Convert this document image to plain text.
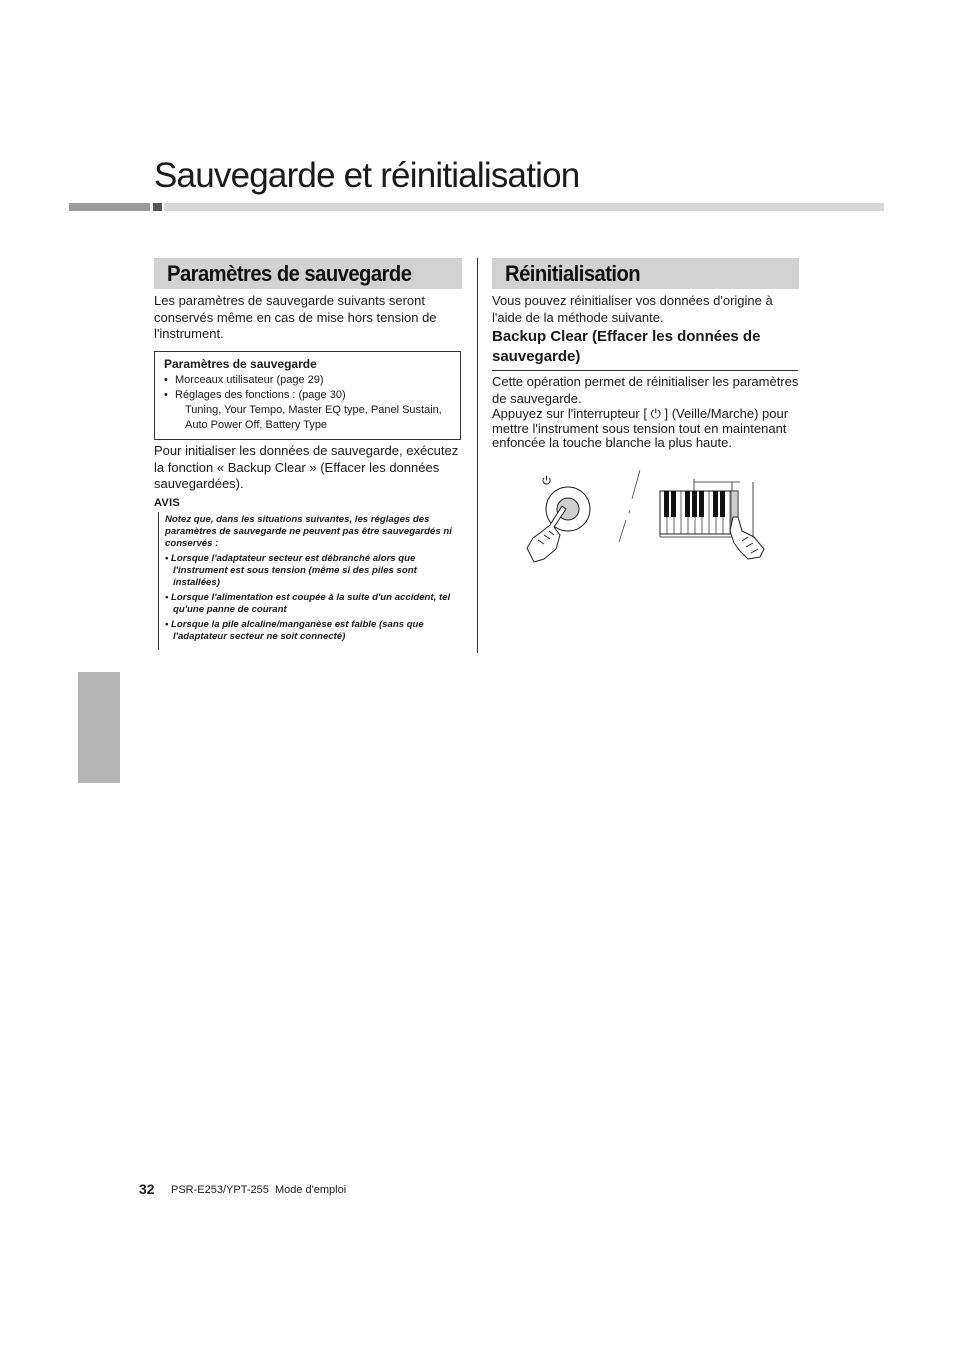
Sauvegarde et réinitialisation
Paramètres de sauvegarde
Les paramètres de sauvegarde suivants seront conservés même en cas de mise hors tension de l'instrument.
Paramètres de sauvegarde
• Morceaux utilisateur (page 29)
• Réglages des fonctions : (page 30)
Tuning, Your Tempo, Master EQ type, Panel Sustain,
Auto Power Off, Battery Type
Pour initialiser les données de sauvegarde, exécutez la fonction « Backup Clear » (Effacer les données sauvegardées).
AVIS
Notez que, dans les situations suivantes, les réglages des paramètres de sauvegarde ne peuvent pas être sauvegardés ni conservés :
• Lorsque l'adaptateur secteur est débranché alors que l'instrument est sous tension (même si des piles sont installées)
• Lorsque l'alimentation est coupée à la suite d'un accident, tel qu'une panne de courant
• Lorsque la pile alcaline/manganèse est faible (sans que l'adaptateur secteur ne soit connecté)
Réinitialisation
Vous pouvez réinitialiser vos données d'origine à l'aide de la méthode suivante.
Backup Clear (Effacer les données de sauvegarde)

Cette opération permet de réinitialiser les paramètres de sauvegarde.

Appuyez sur l'interrupteur [ ⏻ ] (Veille/Marche) pour mettre l'instrument sous tension tout en maintenant enfoncée la touche blanche la plus haute.

32 PSR-E253/YPT-255  Mode d'emploi
